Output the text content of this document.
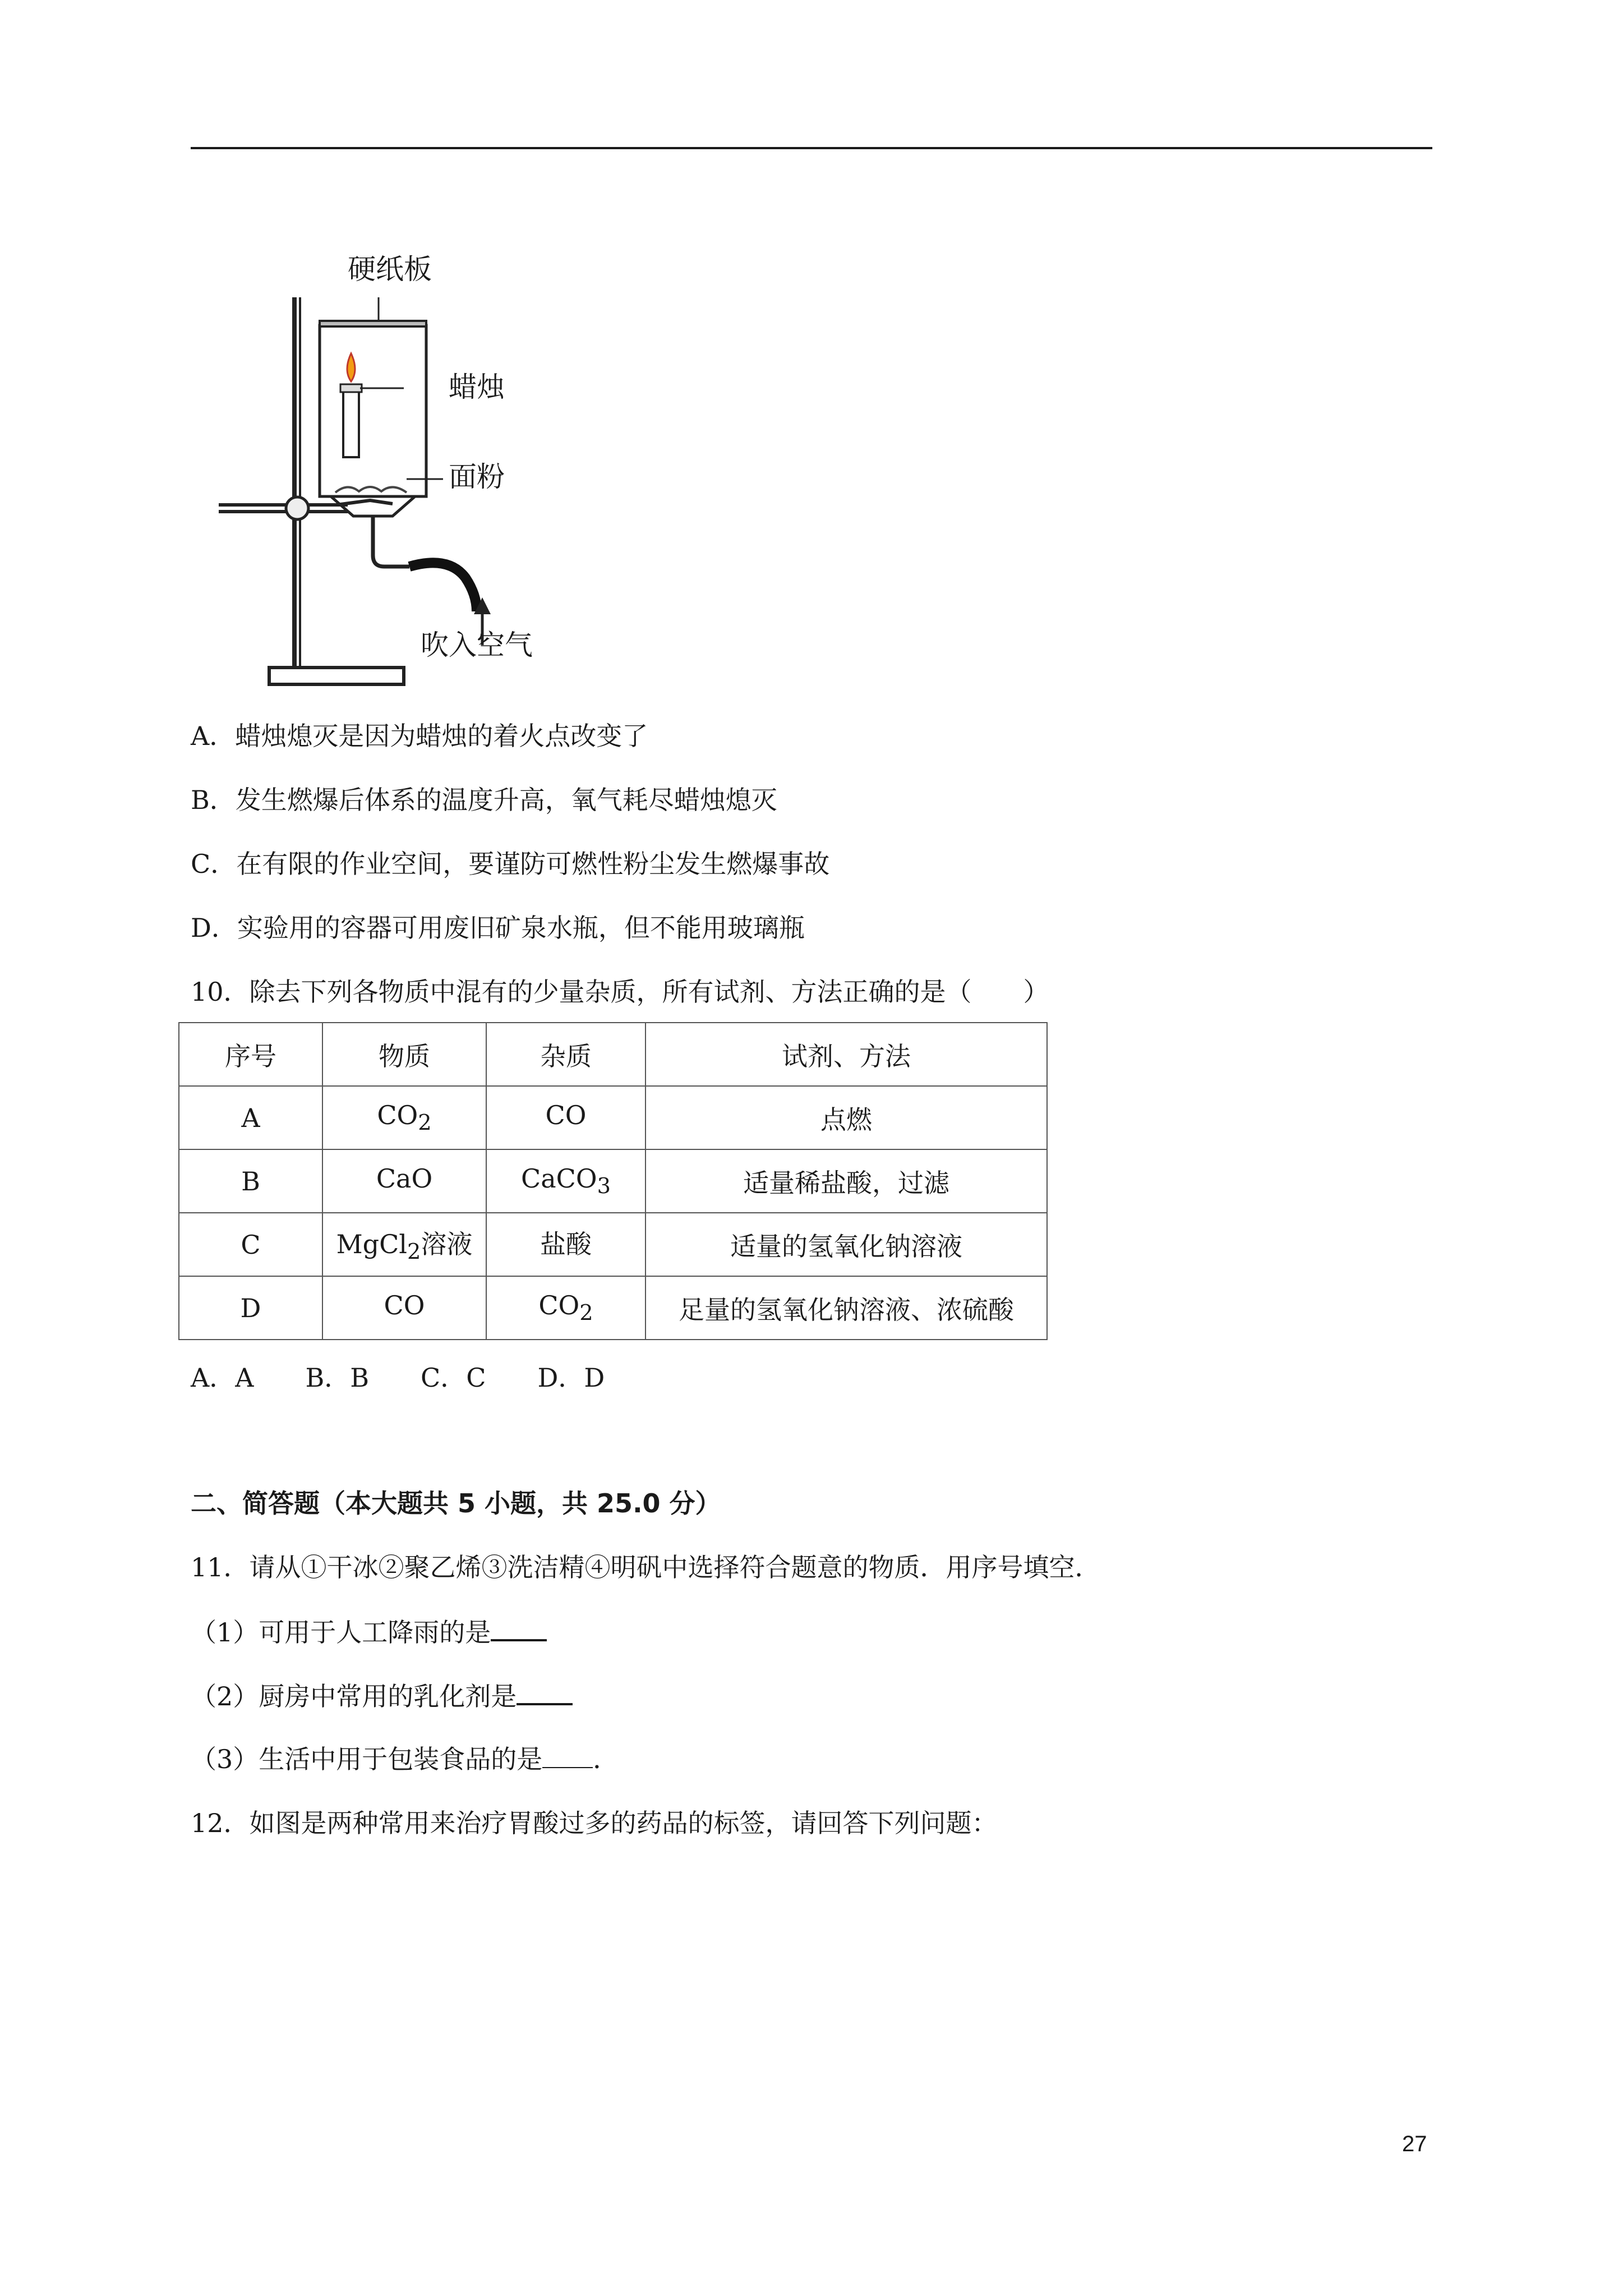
硬纸板
蜡烛
面粉
吹入空气
A．蜡烛熄灭是因为蜡烛的着火点改变了
B．发生燃爆后体系的温度升高，氧气耗尽蜡烛熄灭
C．在有限的作业空间，要谨防可燃性粉尘发生燃爆事故
D．实验用的容器可用废旧矿泉水瓶，但不能用玻璃瓶
10．除去下列各物质中混有的少量杂质，所有试剂、方法正确的是（　　）
序号	物质	杂质	试剂、方法
A	$CO_2$	CO	点燃
B	CaO	CaCO$_3$	适量稀盐酸，过滤
C	MgCl$_2$溶液	盐酸	适量的氢氧化钠溶液
D	CO	$CO_2$	足量的氢氧化钠溶液、浓硫酸
A．A　　B．B　　C．C　　D．D
二、简答题（本大题共 5 小题，共 25.0 分）
11．请从①干冰②聚乙烯③洗洁精④明矾中选择符合题意的物质．用序号填空．
（1）可用于人工降雨的是
（2）厨房中常用的乳化剂是
（3）生活中用于包装食品的是 ．
12．如图是两种常用来治疗胃酸过多的药品的标签，请回答下列问题：
27
